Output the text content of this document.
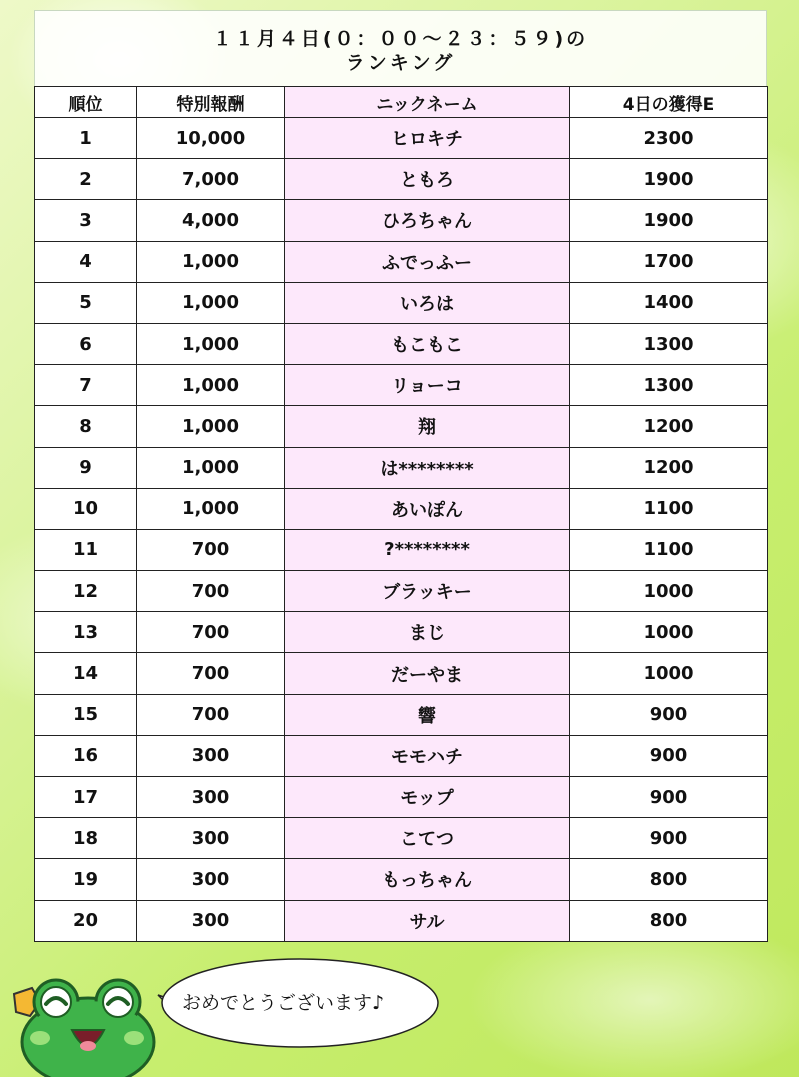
１１月４日(０：００～２３：５９)の
ランキング
順位	特別報酬	ニックネーム	4日の獲得E
1	10,000	ヒロキチ	2300
2	7,000	ともろ	1900
3	4,000	ひろちゃん	1900
4	1,000	ふでっふー	1700
5	1,000	いろは	1400
6	1,000	もこもこ	1300
7	1,000	リョーコ	1300
8	1,000	翔	1200
9	1,000	は********	1200
10	1,000	あいぽん	1100
11	700	?********	1100
12	700	ブラッキー	1000
13	700	まじ	1000
14	700	だーやま	1000
15	700	響	900
16	300	モモハチ	900
17	300	モップ	900
18	300	こてつ	900
19	300	もっちゃん	800
20	300	サル	800
おめでとうございます♪
